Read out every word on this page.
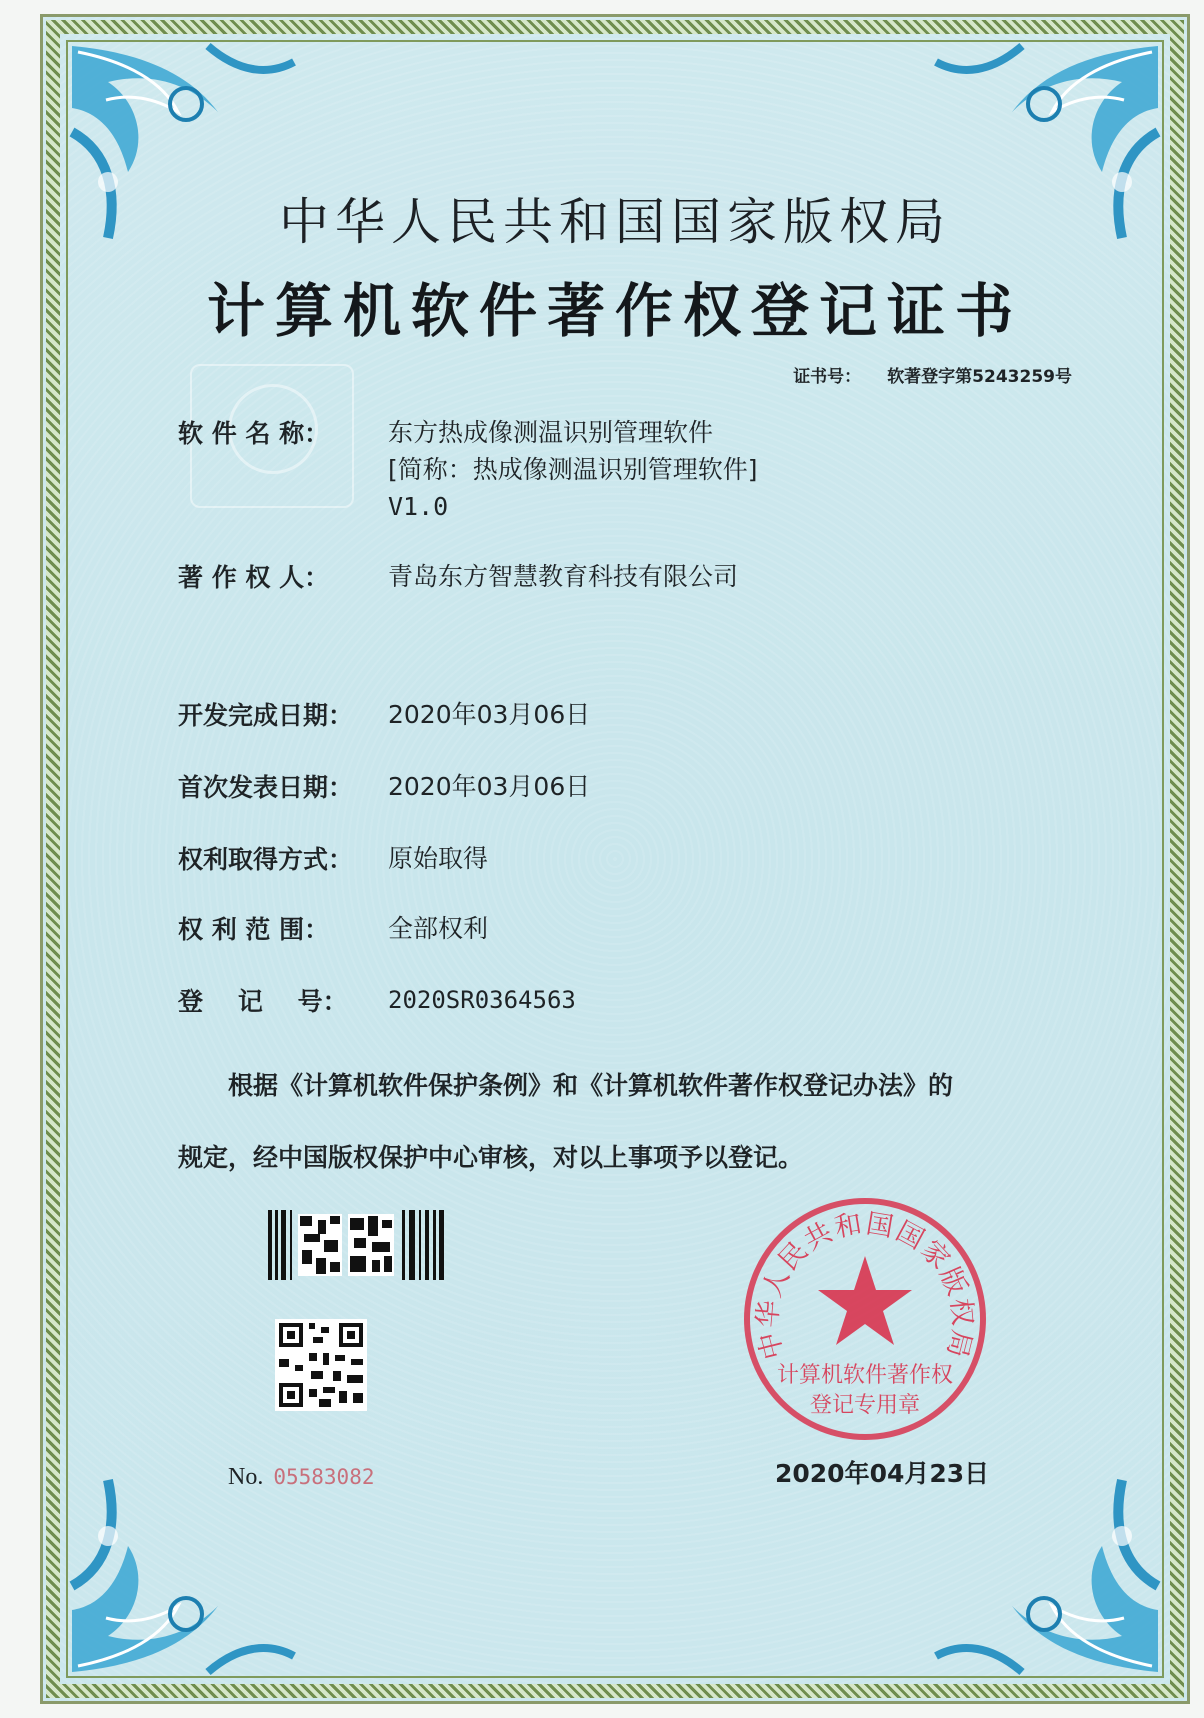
中华人民共和国国家版权局
计算机软件著作权登记证书
证书号： 软著登字第5243259号
软 件 名 称： 东方热成像测温识别管理软件
[简称：热成像测温识别管理软件]
V1.0
著 作 权 人： 青岛东方智慧教育科技有限公司
开发完成日期： 2020年03月06日
首次发表日期： 2020年03月06日
权利取得方式： 原始取得
权 利 范 围： 全部权利
登    记    号： 2020SR0364563
根据《计算机软件保护条例》和《计算机软件著作权登记办法》的
规定，经中国版权保护中心审核，对以上事项予以登记。
No. 05583082
中华人民共和国国家版权局
计算机软件著作权
登记专用章
2020年04月23日
